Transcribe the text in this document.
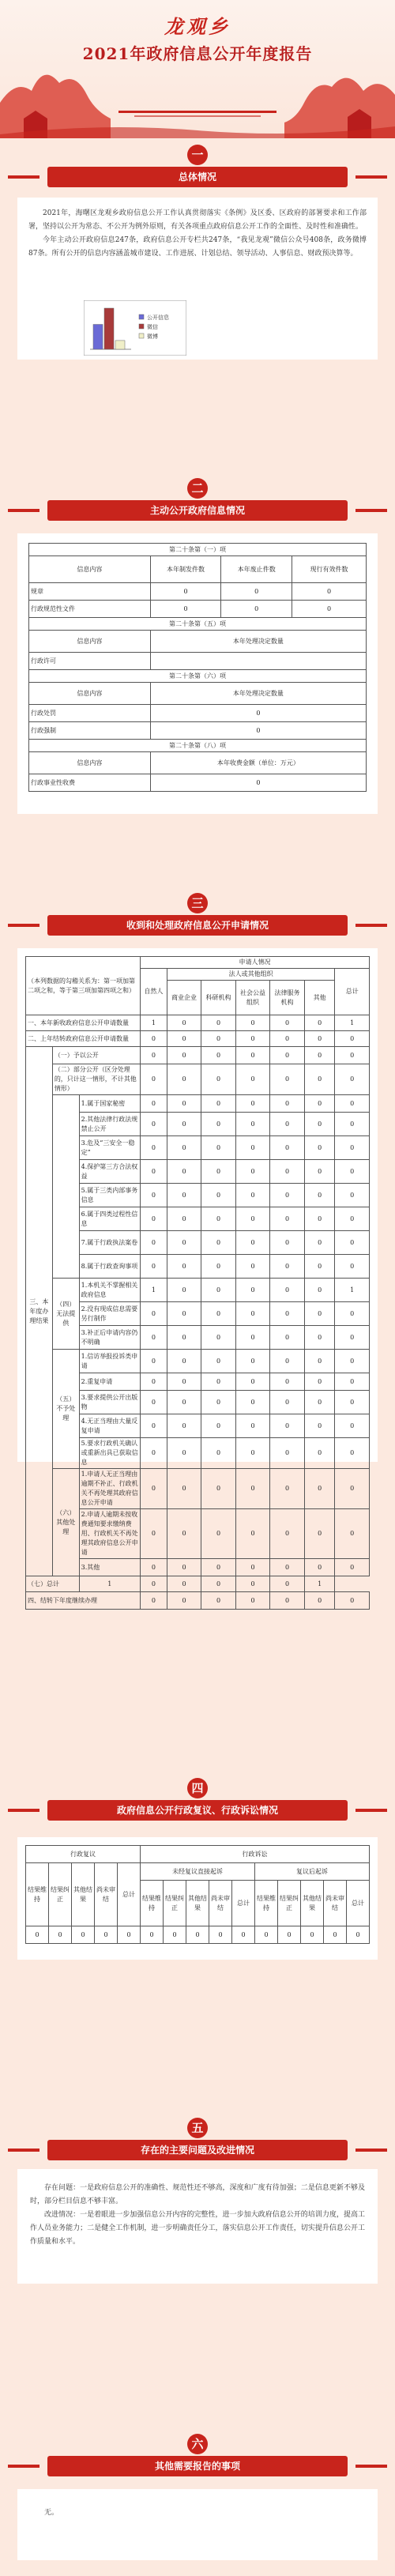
龙观乡
2021年政府信息公开年度报告
一
总体情况

2021年，海曙区龙观乡政府信息公开工作认真贯彻落实《条例》及区委、区政府的部署要求和工作部署，坚持以公开为常态、不公开为例外原则，有关各项重点政府信息公开工作的全面性、及时性和准确性。

今年主动公开政府信息247条，政府信息公开专栏共247条，“我见龙观”微信公众号408条，政务微博87条。所有公开的信息内容涵盖城市建设、工作进展、计划总结、领导活动、人事信息、财政预决算等。

公开信息
微信
微博
二
主动公开政府信息情况
第二十条第（一）项			
信息内容	本年制发件数	本年废止件数	现行有效件数
规章	0	0	0
行政规范性文件	0	0	0
第二十条第（五）项			
信息内容	本年处理决定数量		
行政许可			
第二十条第（六）项			
信息内容	本年处理决定数量		
行政处罚	0		
行政强制	0		
第二十条第（八）项			
信息内容	本年收费金额（单位：万元）		
行政事业性收费	0		
三
收到和处理政府信息公开申请情况
（本列数据的勾稽关系为：第一项加第二项之和，等于第三项加第四项之和）			申请人情况						
			自然人	法人或其他组织					总计
				商业企业	科研机构	社会公益组织	法律服务机构	其他	
一、本年新收政府信息公开申请数量			1	0	0	0	0	0	1
二、上年结转政府信息公开申请数量			0	0	0	0	0	0	0
三、本年度办理结果	（一）予以公开		0	0	0	0	0	0	0
	（二）部分公开（区分处理的，只计这一情形，不计其他情形）		0	0	0	0	0	0	0
		1.属于国家秘密	0	0	0	0	0	0	0
		2.其他法律行政法规禁止公开	0	0	0	0	0	0	0
		3.危及“三安全一稳定”	0	0	0	0	0	0	0
		4.保护第三方合法权益	0	0	0	0	0	0	0
		5.属于三类内部事务信息	0	0	0	0	0	0	0
		6.属于四类过程性信息	0	0	0	0	0	0	0
		7.属于行政执法案卷	0	0	0	0	0	0	0
		8.属于行政查询事项	0	0	0	0	0	0	0
	（四）无法提供	1.本机关不掌握相关政府信息	1	0	0	0	0	0	1
		2.没有现成信息需要另行制作	0	0	0	0	0	0	0
		3.补正后申请内容仍不明确	0	0	0	0	0	0	0
	（五）不予处理	1.信访举报投诉类申请	0	0	0	0	0	0	0
		2.重复申请	0	0	0	0	0	0	0
		3.要求提供公开出版物	0	0	0	0	0	0	0
		4.无正当理由大量反复申请	0	0	0	0	0	0	0
		5.要求行政机关确认或重新出具已获取信息	0	0	0	0	0	0	0
	（六）其他处理	1.申请人无正当理由逾期不补正、行政机关不再处理其政府信息公开申请	0	0	0	0	0	0	0
		2.申请人逾期未按收费通知要求缴纳费用、行政机关不再处理其政府信息公开申请	0	0	0	0	0	0	0
		3.其他	0	0	0	0	0	0	0
（七）总计		1	0	0	0	0	0	1	
四、结转下年度继续办理			0	0	0	0	0	0	0
四
政府信息公开行政复议、行政诉讼情况
行政复议					行政诉讼									
结果维持	结果纠正	其他结果	尚未审结	总计	未经复议直接起诉					复议后起诉				
					结果维持	结果纠正	其他结果	尚未审结	总计	结果维持	结果纠正	其他结果	尚未审结	总计
0	0	0	0	0	0	0	0	0	0	0	0	0	0	0
五
存在的主要问题及改进情况

存在问题：一是政府信息公开的准确性、规范性还不够高，深度和广度有待加强；二是信息更新不够及时，部分栏目信息不够丰富。

改进情况：一是着眼进一步加强信息公开内容的完整性，进一步加大政府信息公开的培训力度，提高工作人员业务能力；二是健全工作机制，进一步明确责任分工，落实信息公开工作责任，切实提升信息公开工作质量和水平。

六
其他需要报告的事项

无。
